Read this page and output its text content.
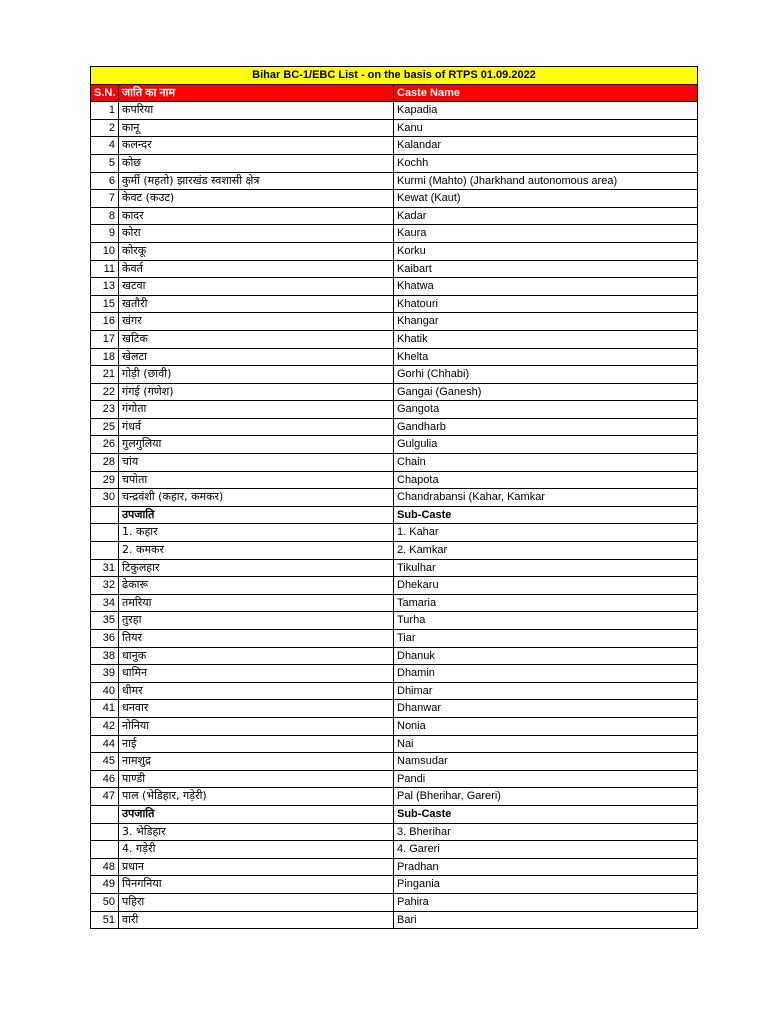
Bihar BC-1/EBC List - on the basis of RTPS 01.09.2022		
S.N.	जाति का नाम	Caste Name
1	कपरिया	Kapadia
2	कानू	Kanu
4	कलन्दर	Kalandar
5	कोछ	Kochh
6	कुर्मी (महतो) झारखंड स्वशासी क्षेत्र	Kurmi (Mahto) (Jharkhand autonomous area)
7	केवट (कउट)	Kewat (Kaut)
8	कादर	Kadar
9	कोरा	Kaura
10	कोरकू	Korku
11	केवर्त	Kaibart
13	खटवा	Khatwa
15	खतौरी	Khatouri
16	खंगर	Khangar
17	खटिक	Khatik
18	खेलटा	Khelta
21	गोड़ी (छावी)	Gorhi (Chhabi)
22	गंगई (गणेश)	Gangai (Ganesh)
23	गंगोता	Gangota
25	गंधर्व	Gandharb
26	गुलगुलिया	Gulgulia
28	चांय	Chain
29	चपोता	Chapota
30	चन्द्रवंशी (कहार, कमकर)	Chandrabansi (Kahar, Kamkar
	उपजाति	Sub-Caste
	1. कहार	1. Kahar
	2. कमकर	2. Kamkar
31	टिकुलहार	Tikulhar
32	ढेकारू	Dhekaru
34	तमरिया	Tamaria
35	तुरहा	Turha
36	तियर	Tiar
38	धानुक	Dhanuk
39	धामिन	Dhamin
40	धीमर	Dhimar
41	धनवार	Dhanwar
42	नोनिया	Nonia
44	नाई	Nai
45	नामशुद्र	Namsudar
46	पाण्डी	Pandi
47	पाल (भेडिहार, गड़ेरी)	Pal (Bherihar, Gareri)
	उपजाति	Sub-Caste
	3. भेडिहार	3. Bherihar
	4. गड़ेरी	4. Gareri
48	प्रधान	Pradhan
49	पिनगनिया	Pingania
50	पहिरा	Pahira
51	वारी	Bari
